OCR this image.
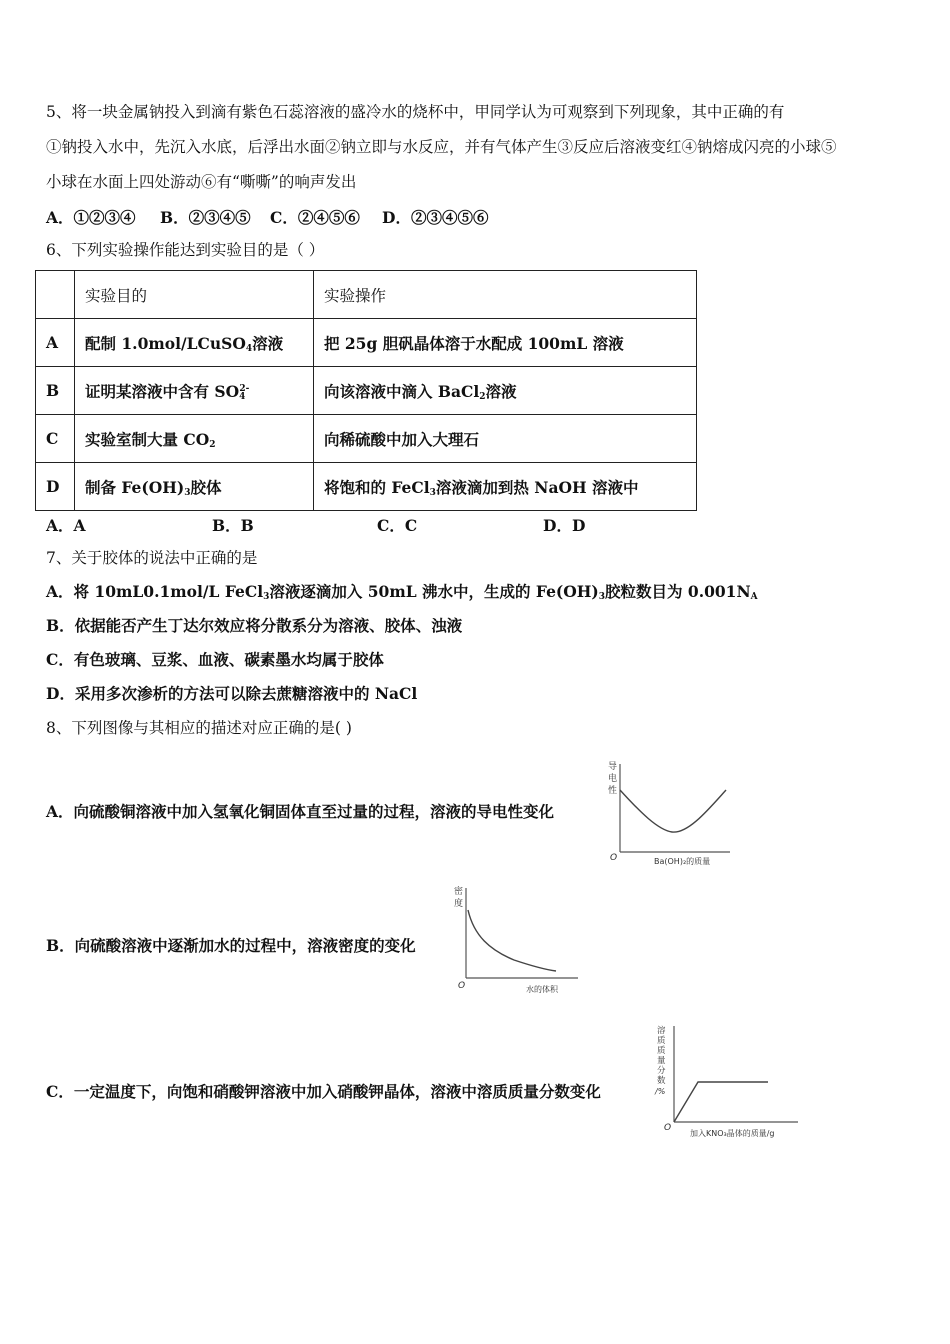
5、将一块金属钠投入到滴有紫色石蕊溶液的盛冷水的烧杯中，甲同学认为可观察到下列现象，其中正确的有
①钠投入水中，先沉入水底，后浮出水面②钠立即与水反应，并有气体产生③反应后溶液变红④钠熔成闪亮的小球⑤
小球在水面上四处游动⑥有“嘶嘶”的响声发出
A．①②③④ B．②③④⑤ C．②④⑤⑥ D．②③④⑤⑥
6、下列实验操作能达到实验目的是（ ）
	实验目的	实验操作
A	配制 1.0mol/LCuSO$_4$溶液	把 25g 胆矾晶体溶于水配成 100mL 溶液
B	证明某溶液中含有 $SO_4^{2-}$	向该溶液中滴入 BaCl$_2$溶液
C	实验室制大量 $CO_2$	向稀硫酸中加入大理石
D	制备 $Fe(OH)_3$胶体	将饱和的 FeCl$_3$溶液滴加到热 NaOH 溶液中
A．A	B．B	C．C	D．D
7、关于胶体的说法中正确的是
A．将 10mL0.1mol/L FeCl$_3$溶液逐滴加入 50mL 沸水中，生成的 $Fe(OH)_3$胶粒数目为 $0.001N_A$
B．依据能否产生丁达尔效应将分散系分为溶液、胶体、浊液
C．有色玻璃、豆浆、血液、碳素墨水均属于胶体
D．采用多次渗析的方法可以除去蔗糖溶液中的 NaCl
8、下列图像与其相应的描述对应正确的是( )
A．向硫酸铜溶液中加入氢氧化铜固体直至过量的过程，溶液的导电性变化
导
电
性
O	Ba(OH)₂的质量
B．向硫酸溶液中逐渐加水的过程中，溶液密度的变化
密
度
O	水的体积
C．一定温度下，向饱和硝酸钾溶液中加入硝酸钾晶体，溶液中溶质质量分数变化
溶
质
质
量
分
数
/%
O
加入KNO₃晶体的质量/g
